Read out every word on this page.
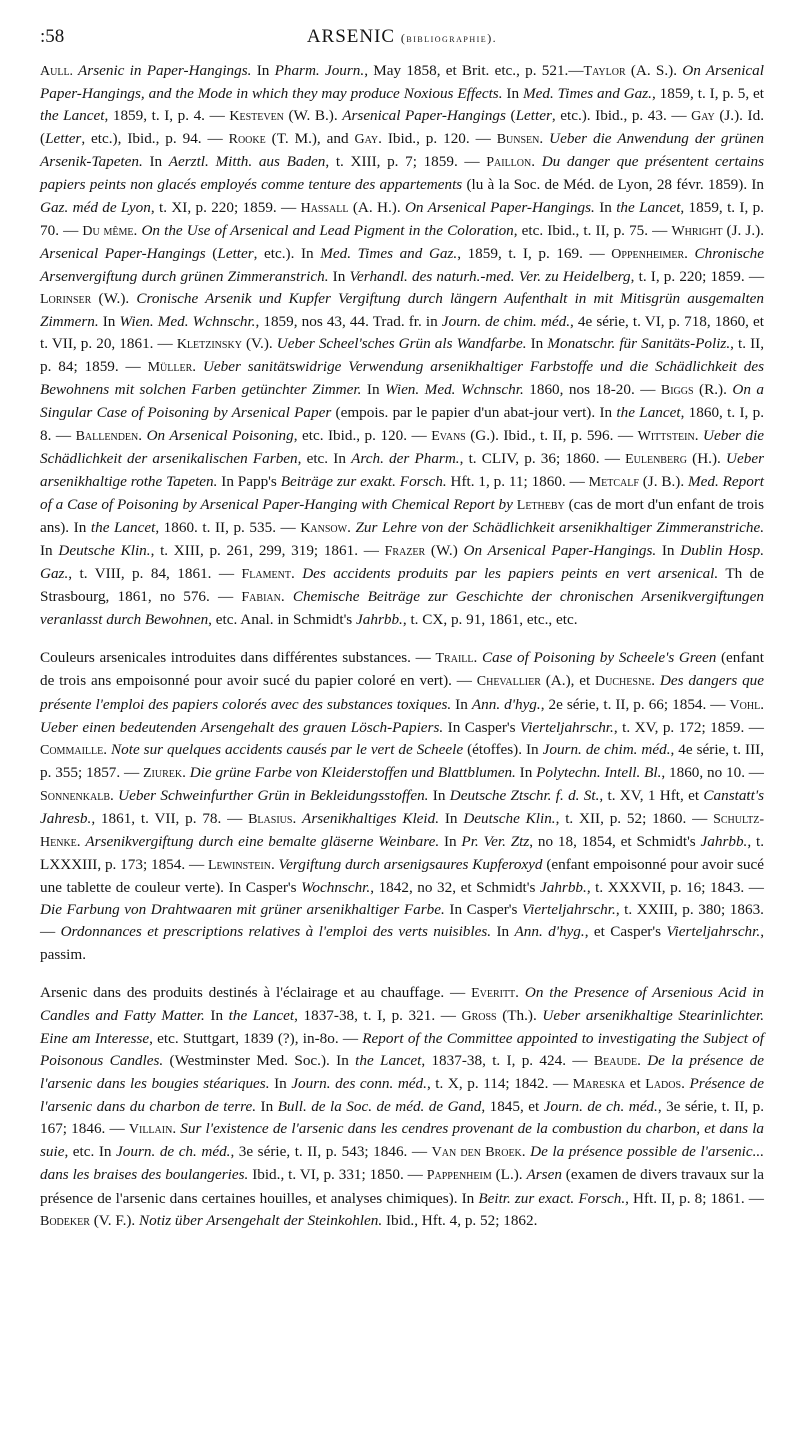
:58	ARSENIC (bibliographie).

Aull. Arsenic in Paper-Hangings. In Pharm. Journ., May 1858, et Brit. etc., p. 521.—Taylor (A. S.). On Arsenical Paper-Hangings, and the Mode in which they may produce Noxious Effects. In Med. Times and Gaz., 1859, t. I, p. 5, et the Lancet, 1859, t. I, p. 4. — Kesteven (W. B.). Arsenical Paper-Hangings (Letter, etc.). Ibid., p. 43. — Gay (J.). Id. (Letter, etc.), Ibid., p. 94. — Rooke (T. M.), and Gay. Ibid., p. 120. — Bunsen. Ueber die Anwendung der grünen Arsenik-Tapeten. In Aerztl. Mitth. aus Baden, t. XIII, p. 7; 1859. — Paillon. Du danger que présentent certains papiers peints non glacés employés comme tenture des appartements (lu à la Soc. de Méd. de Lyon, 28 févr. 1859). In Gaz. méd de Lyon, t. XI, p. 220; 1859. — Hassall (A. H.). On Arsenical Paper-Hangings. In the Lancet, 1859, t. I, p. 70. — Du même. On the Use of Arsenical and Lead Pigment in the Coloration, etc. Ibid., t. II, p. 75. — Whright (J. J.). Arsenical Paper-Hangings (Letter, etc.). In Med. Times and Gaz., 1859, t. I, p. 169. — Oppenheimer. Chronische Arsenvergiftung durch grünen Zimmeranstrich. In Verhandl. des naturh.-med. Ver. zu Heidelberg, t. I, p. 220; 1859. — Lorinser (W.). Cronische Arsenik und Kupfer Vergiftung durch längern Aufenthalt in mit Mitisgrün ausgemalten Zimmern. In Wien. Med. Wchnschr., 1859, nos 43, 44. Trad. fr. in Journ. de chim. méd., 4e série, t. VI, p. 718, 1860, et t. VII, p. 20, 1861. — Kletzinsky (V.). Ueber Scheel'sches Grün als Wandfarbe. In Monatschr. für Sanitäts-Poliz., t. II, p. 84; 1859. — Müller. Ueber sanitätswidrige Verwendung arsenikhaltiger Farbstoffe und die Schädlichkeit des Bewohnens mit solchen Farben getünchter Zimmer. In Wien. Med. Wchnschr. 1860, nos 18-20. — Biggs (R.). On a Singular Case of Poisoning by Arsenical Paper (empois. par le papier d'un abat-jour vert). In the Lancet, 1860, t. I, p. 8. — Ballenden. On Arsenical Poisoning, etc. Ibid., p. 120. — Evans (G.). Ibid., t. II, p. 596. — Wittstein. Ueber die Schädlichkeit der arsenikalischen Farben, etc. In Arch. der Pharm., t. CLIV, p. 36; 1860. — Eulenberg (H.). Ueber arsenikhaltige rothe Tapeten. In Papp's Beiträge zur exakt. Forsch. Hft. 1, p. 11; 1860. — Metcalf (J. B.). Med. Report of a Case of Poisoning by Arsenical Paper-Hanging with Chemical Report by Letheby (cas de mort d'un enfant de trois ans). In the Lancet, 1860. t. II, p. 535. — Kansow. Zur Lehre von der Schädlichkeit arsenikhaltiger Zimmeranstriche. In Deutsche Klin., t. XIII, p. 261, 299, 319; 1861. — Frazer (W.) On Arsenical Paper-Hangings. In Dublin Hosp. Gaz., t. VIII, p. 84, 1861. — Flament. Des accidents produits par les papiers peints en vert arsenical. Th de Strasbourg, 1861, no 576. — Fabian. Chemische Beiträge zur Geschichte der chronischen Arsenikvergiftungen veranlasst durch Bewohnen, etc. Anal. in Schmidt's Jahrbb., t. CX, p. 91, 1861, etc., etc.

Couleurs arsenicales introduites dans différentes substances. — Traill. Case of Poisoning by Scheele's Green (enfant de trois ans empoisonné pour avoir sucé du papier coloré en vert). — Chevallier (A.), et Duchesne. Des dangers que présente l'emploi des papiers colorés avec des substances toxiques. In Ann. d'hyg., 2e série, t. II, p. 66; 1854. — Vohl. Ueber einen bedeutenden Arsengehalt des grauen Lösch-Papiers. In Casper's Vierteljahrschr., t. XV, p. 172; 1859. — Commaille. Note sur quelques accidents causés par le vert de Scheele (étoffes). In Journ. de chim. méd., 4e série, t. III, p. 355; 1857. — Ziurek. Die grüne Farbe von Kleiderstoffen und Blattblumen. In Polytechn. Intell. Bl., 1860, no 10. — Sonnenkalb. Ueber Schweinfurther Grün in Bekleidungsstoffen. In Deutsche Ztschr. f. d. St., t. XV, 1 Hft, et Canstatt's Jahresb., 1861, t. VII, p. 78. — Blasius. Arsenikhaltiges Kleid. In Deutsche Klin., t. XII, p. 52; 1860. — Schultz-Henke. Arsenikvergiftung durch eine bemalte gläserne Weinbare. In Pr. Ver. Ztz, no 18, 1854, et Schmidt's Jahrbb., t. LXXXIII, p. 173; 1854. — Lewinstein. Vergiftung durch arsenigsaures Kupferoxyd (enfant empoisonné pour avoir sucé une tablette de couleur verte). In Casper's Wochnschr., 1842, no 32, et Schmidt's Jahrbb., t. XXXVII, p. 16; 1843. — Die Farbung von Drahtwaaren mit grüner arsenikhaltiger Farbe. In Casper's Vierteljahrschr., t. XXIII, p. 380; 1863. — Ordonnances et prescriptions relatives à l'emploi des verts nuisibles. In Ann. d'hyg., et Casper's Vierteljahrschr., passim.

Arsenic dans des produits destinés à l'éclairage et au chauffage. — Everitt. On the Presence of Arsenious Acid in Candles and Fatty Matter. In the Lancet, 1837-38, t. I, p. 321. — Gross (Th.). Ueber arsenikhaltige Stearinlichter. Eine am Interesse, etc. Stuttgart, 1839 (?), in-8o. — Report of the Committee appointed to investigating the Subject of Poisonous Candles. (Westminster Med. Soc.). In the Lancet, 1837-38, t. I, p. 424. — Beaude. De la présence de l'arsenic dans les bougies stéariques. In Journ. des conn. méd., t. X, p. 114; 1842. — Mareska et Lados. Présence de l'arsenic dans du charbon de terre. In Bull. de la Soc. de méd. de Gand, 1845, et Journ. de ch. méd., 3e série, t. II, p. 167; 1846. — Villain. Sur l'existence de l'arsenic dans les cendres provenant de la combustion du charbon, et dans la suie, etc. In Journ. de ch. méd., 3e série, t. II, p. 543; 1846. — Van den Broek. De la présence possible de l'arsenic... dans les braises des boulangeries. Ibid., t. VI, p. 331; 1850. — Pappenheim (L.). Arsen (examen de divers travaux sur la présence de l'arsenic dans certaines houilles, et analyses chimiques). In Beitr. zur exact. Forsch., Hft. II, p. 8; 1861. — Bodeker (V. F.). Notiz über Arsengehalt der Steinkohlen. Ibid., Hft. 4, p. 52; 1862.
